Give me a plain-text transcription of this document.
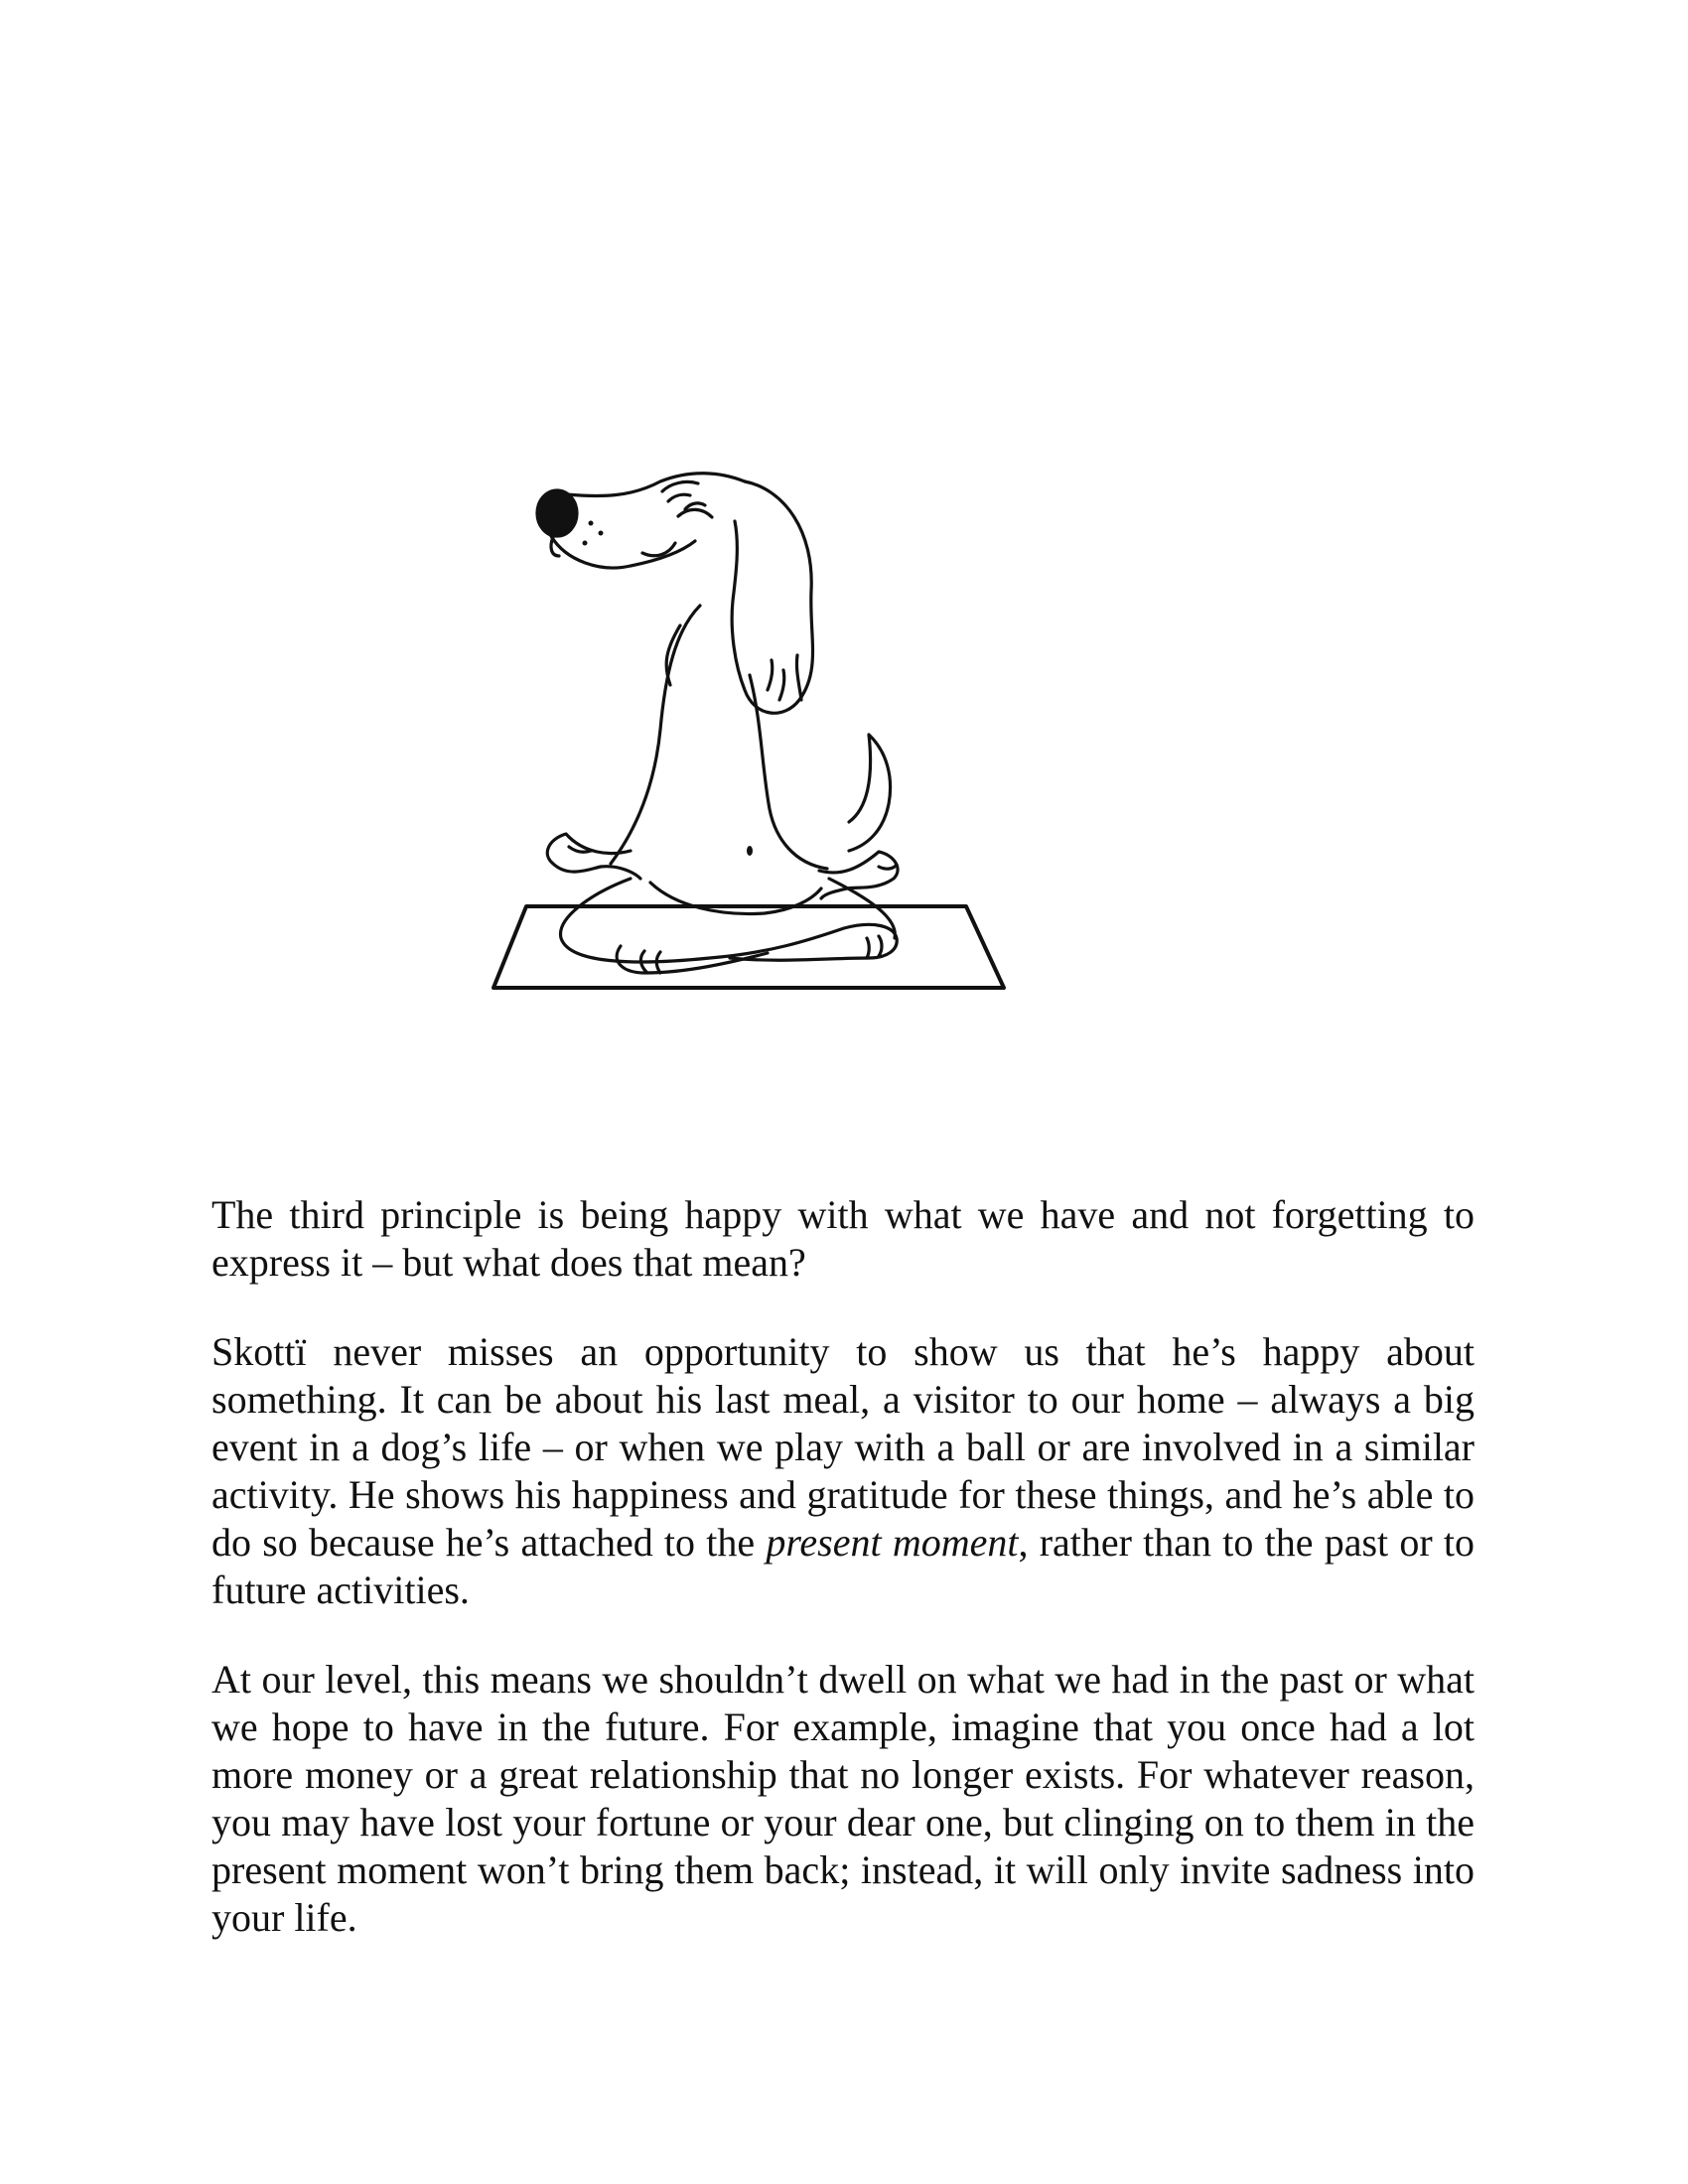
The third principle is being happy with what we have and not forgetting to express it – but what does that mean?

Skottï never misses an opportunity to show us that he’s happy about something. It can be about his last meal, a visitor to our home – always a big event in a dog’s life – or when we play with a ball or are involved in a similar activity. He shows his happiness and gratitude for these things, and he’s able to do so because he’s attached to the present moment, rather than to the past or to future activities.

At our level, this means we shouldn’t dwell on what we had in the past or what we hope to have in the future. For example, imagine that you once had a lot more money or a great relationship that no longer exists. For whatever reason, you may have lost your fortune or your dear one, but clinging on to them in the present moment won’t bring them back; instead, it will only invite sadness into your life.
